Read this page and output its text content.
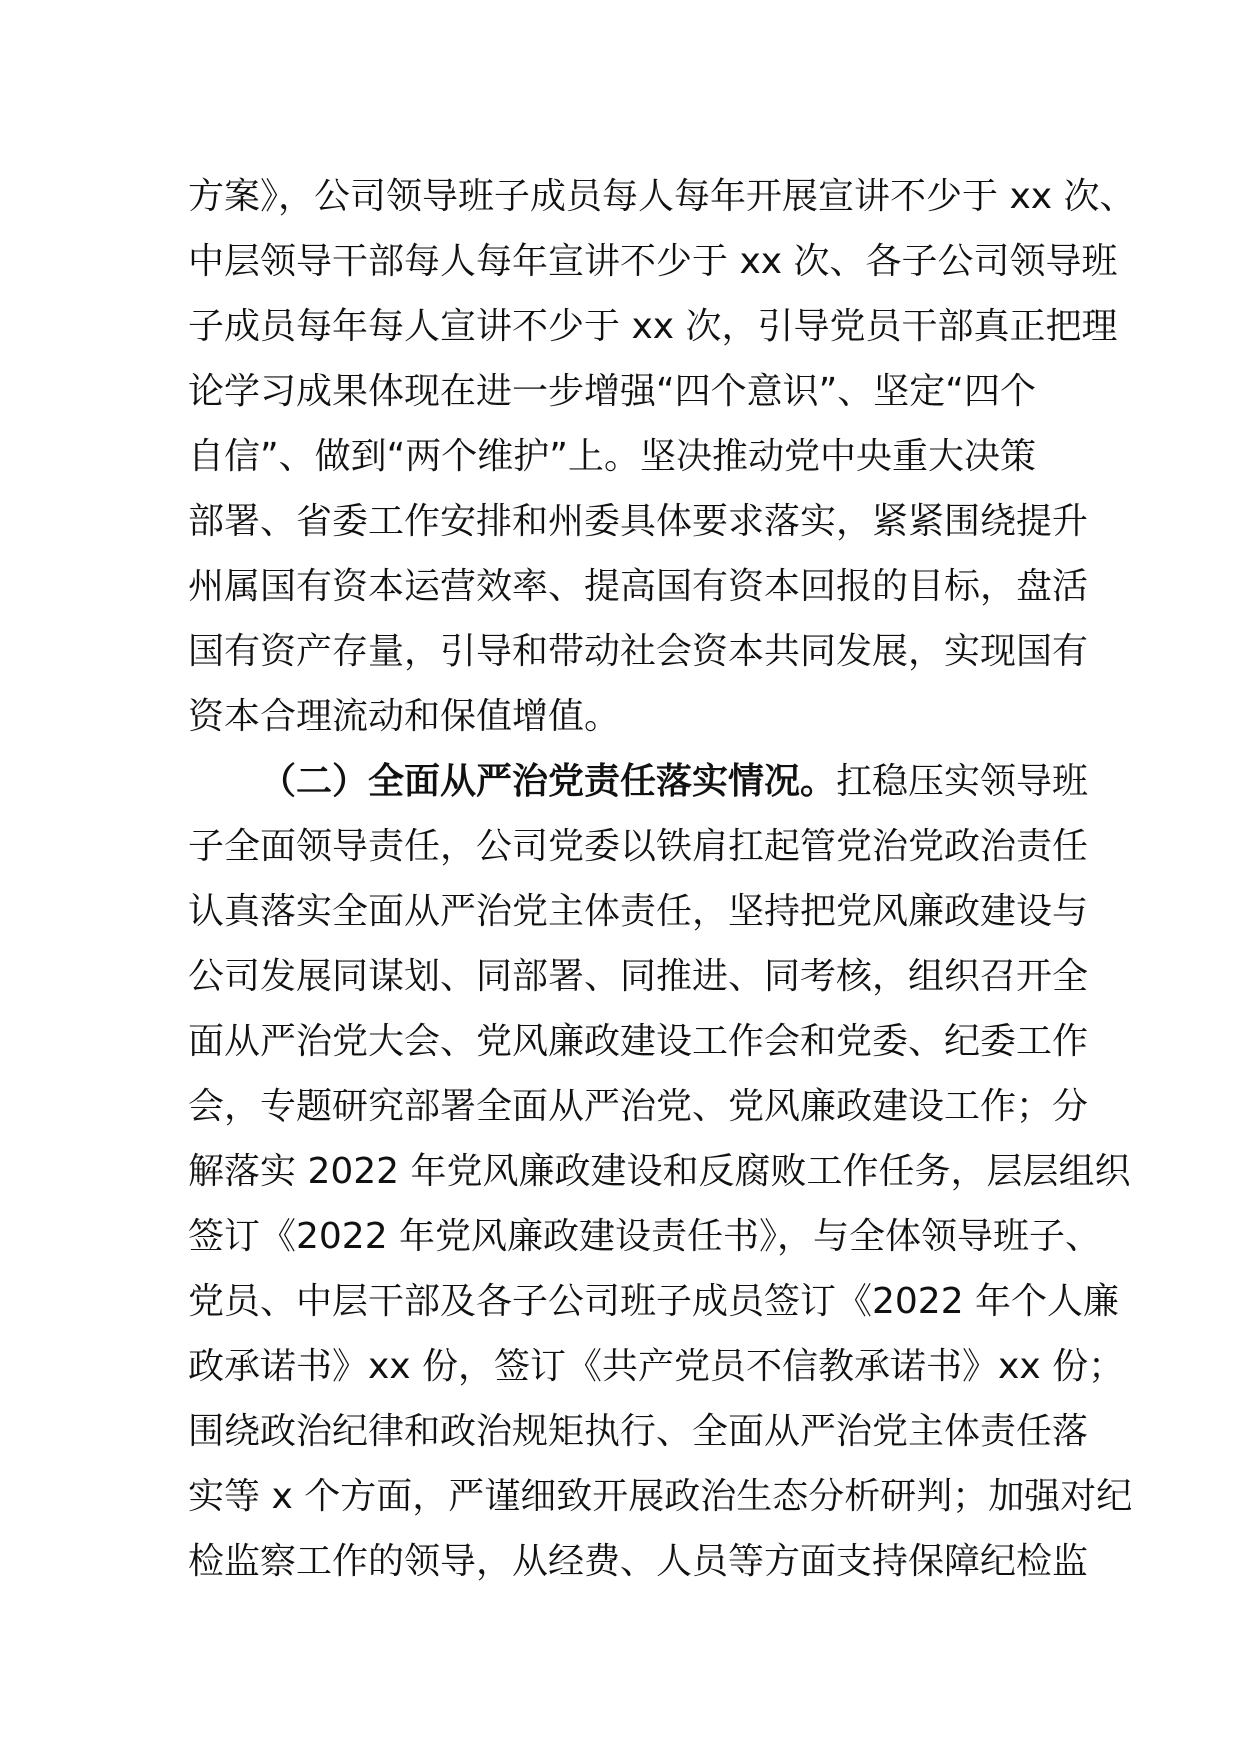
方案》，公司领导班子成员每人每年开展宣讲不少于 xx 次、
中层领导干部每人每年宣讲不少于 xx 次、各子公司领导班
子成员每年每人宣讲不少于 xx 次，引导党员干部真正把理
论学习成果体现在进一步增强“四个意识”、坚定“四个
自信”、做到“两个维护”上。坚决推动党中央重大决策
部署、省委工作安排和州委具体要求落实，紧紧围绕提升
州属国有资本运营效率、提高国有资本回报的目标，盘活
国有资产存量，引导和带动社会资本共同发展，实现国有
资本合理流动和保值增值。
（二）全面从严治党责任落实情况。扛稳压实领导班
子全面领导责任，公司党委以铁肩扛起管党治党政治责任
认真落实全面从严治党主体责任，坚持把党风廉政建设与
公司发展同谋划、同部署、同推进、同考核，组织召开全
面从严治党大会、党风廉政建设工作会和党委、纪委工作
会，专题研究部署全面从严治党、党风廉政建设工作；分
解落实 2022 年党风廉政建设和反腐败工作任务，层层组织
签订《2022 年党风廉政建设责任书》，与全体领导班子、
党员、中层干部及各子公司班子成员签订《2022 年个人廉
政承诺书》xx 份，签订《共产党员不信教承诺书》xx 份；
围绕政治纪律和政治规矩执行、全面从严治党主体责任落
实等 x 个方面，严谨细致开展政治生态分析研判；加强对纪
检监察工作的领导，从经费、人员等方面支持保障纪检监
